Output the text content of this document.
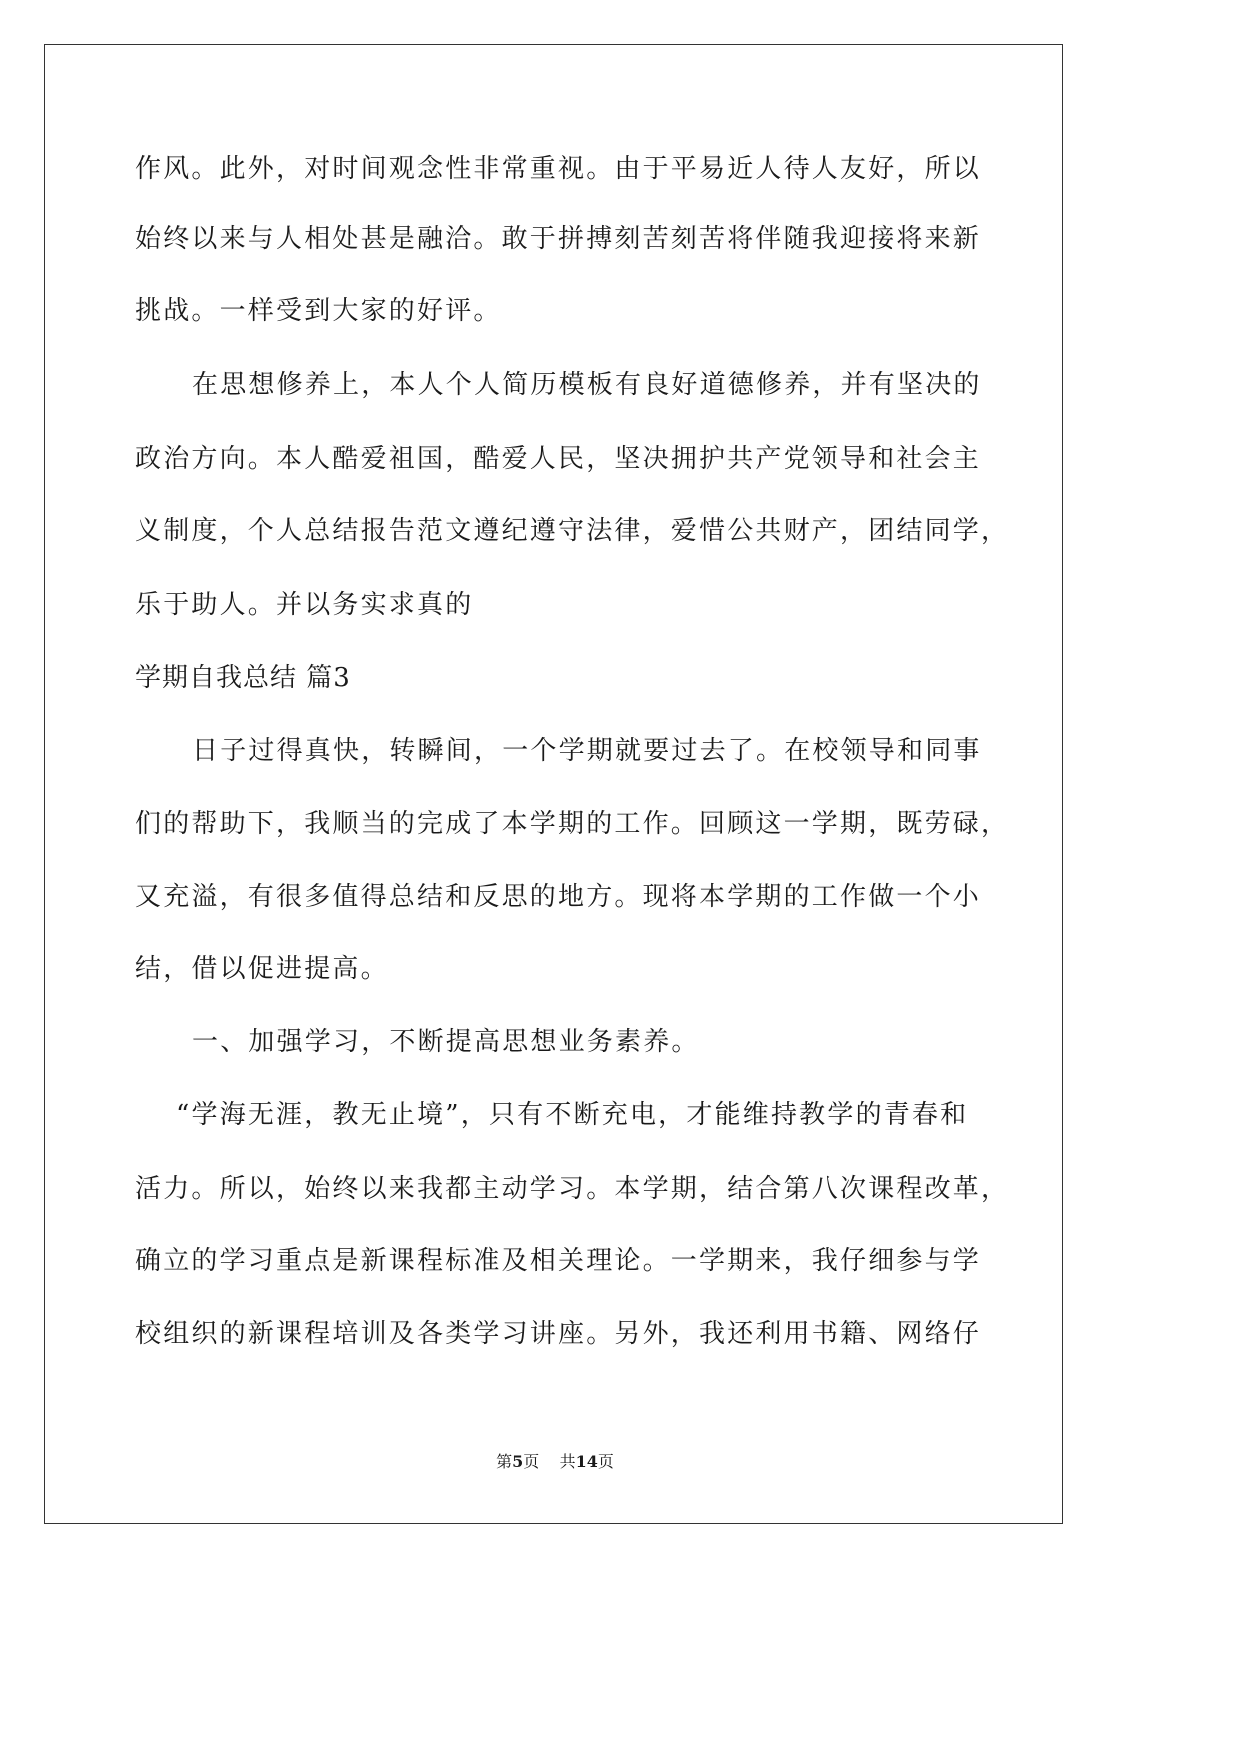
作风。此外，对时间观念性非常重视。由于平易近人待人友好，所以
始终以来与人相处甚是融洽。敢于拼搏刻苦刻苦将伴随我迎接将来新
挑战。一样受到大家的好评。
在思想修养上，本人个人简历模板有良好道德修养，并有坚决的
政治方向。本人酷爱祖国，酷爱人民，坚决拥护共产党领导和社会主
义制度，个人总结报告范文遵纪遵守法律，爱惜公共财产，团结同学，
乐于助人。并以务实求真的
学期自我总结 篇3
日子过得真快，转瞬间，一个学期就要过去了。在校领导和同事
们的帮助下，我顺当的完成了本学期的工作。回顾这一学期，既劳碌，
又充溢，有很多值得总结和反思的地方。现将本学期的工作做一个小
结，借以促进提高。
一、加强学习，不断提高思想业务素养。
“学海无涯，教无止境”，只有不断充电，才能维持教学的青春和
活力。所以，始终以来我都主动学习。本学期，结合第八次课程改革，
确立的学习重点是新课程标准及相关理论。一学期来，我仔细参与学
校组织的新课程培训及各类学习讲座。另外，我还利用书籍、网络仔
第5页 共14页
